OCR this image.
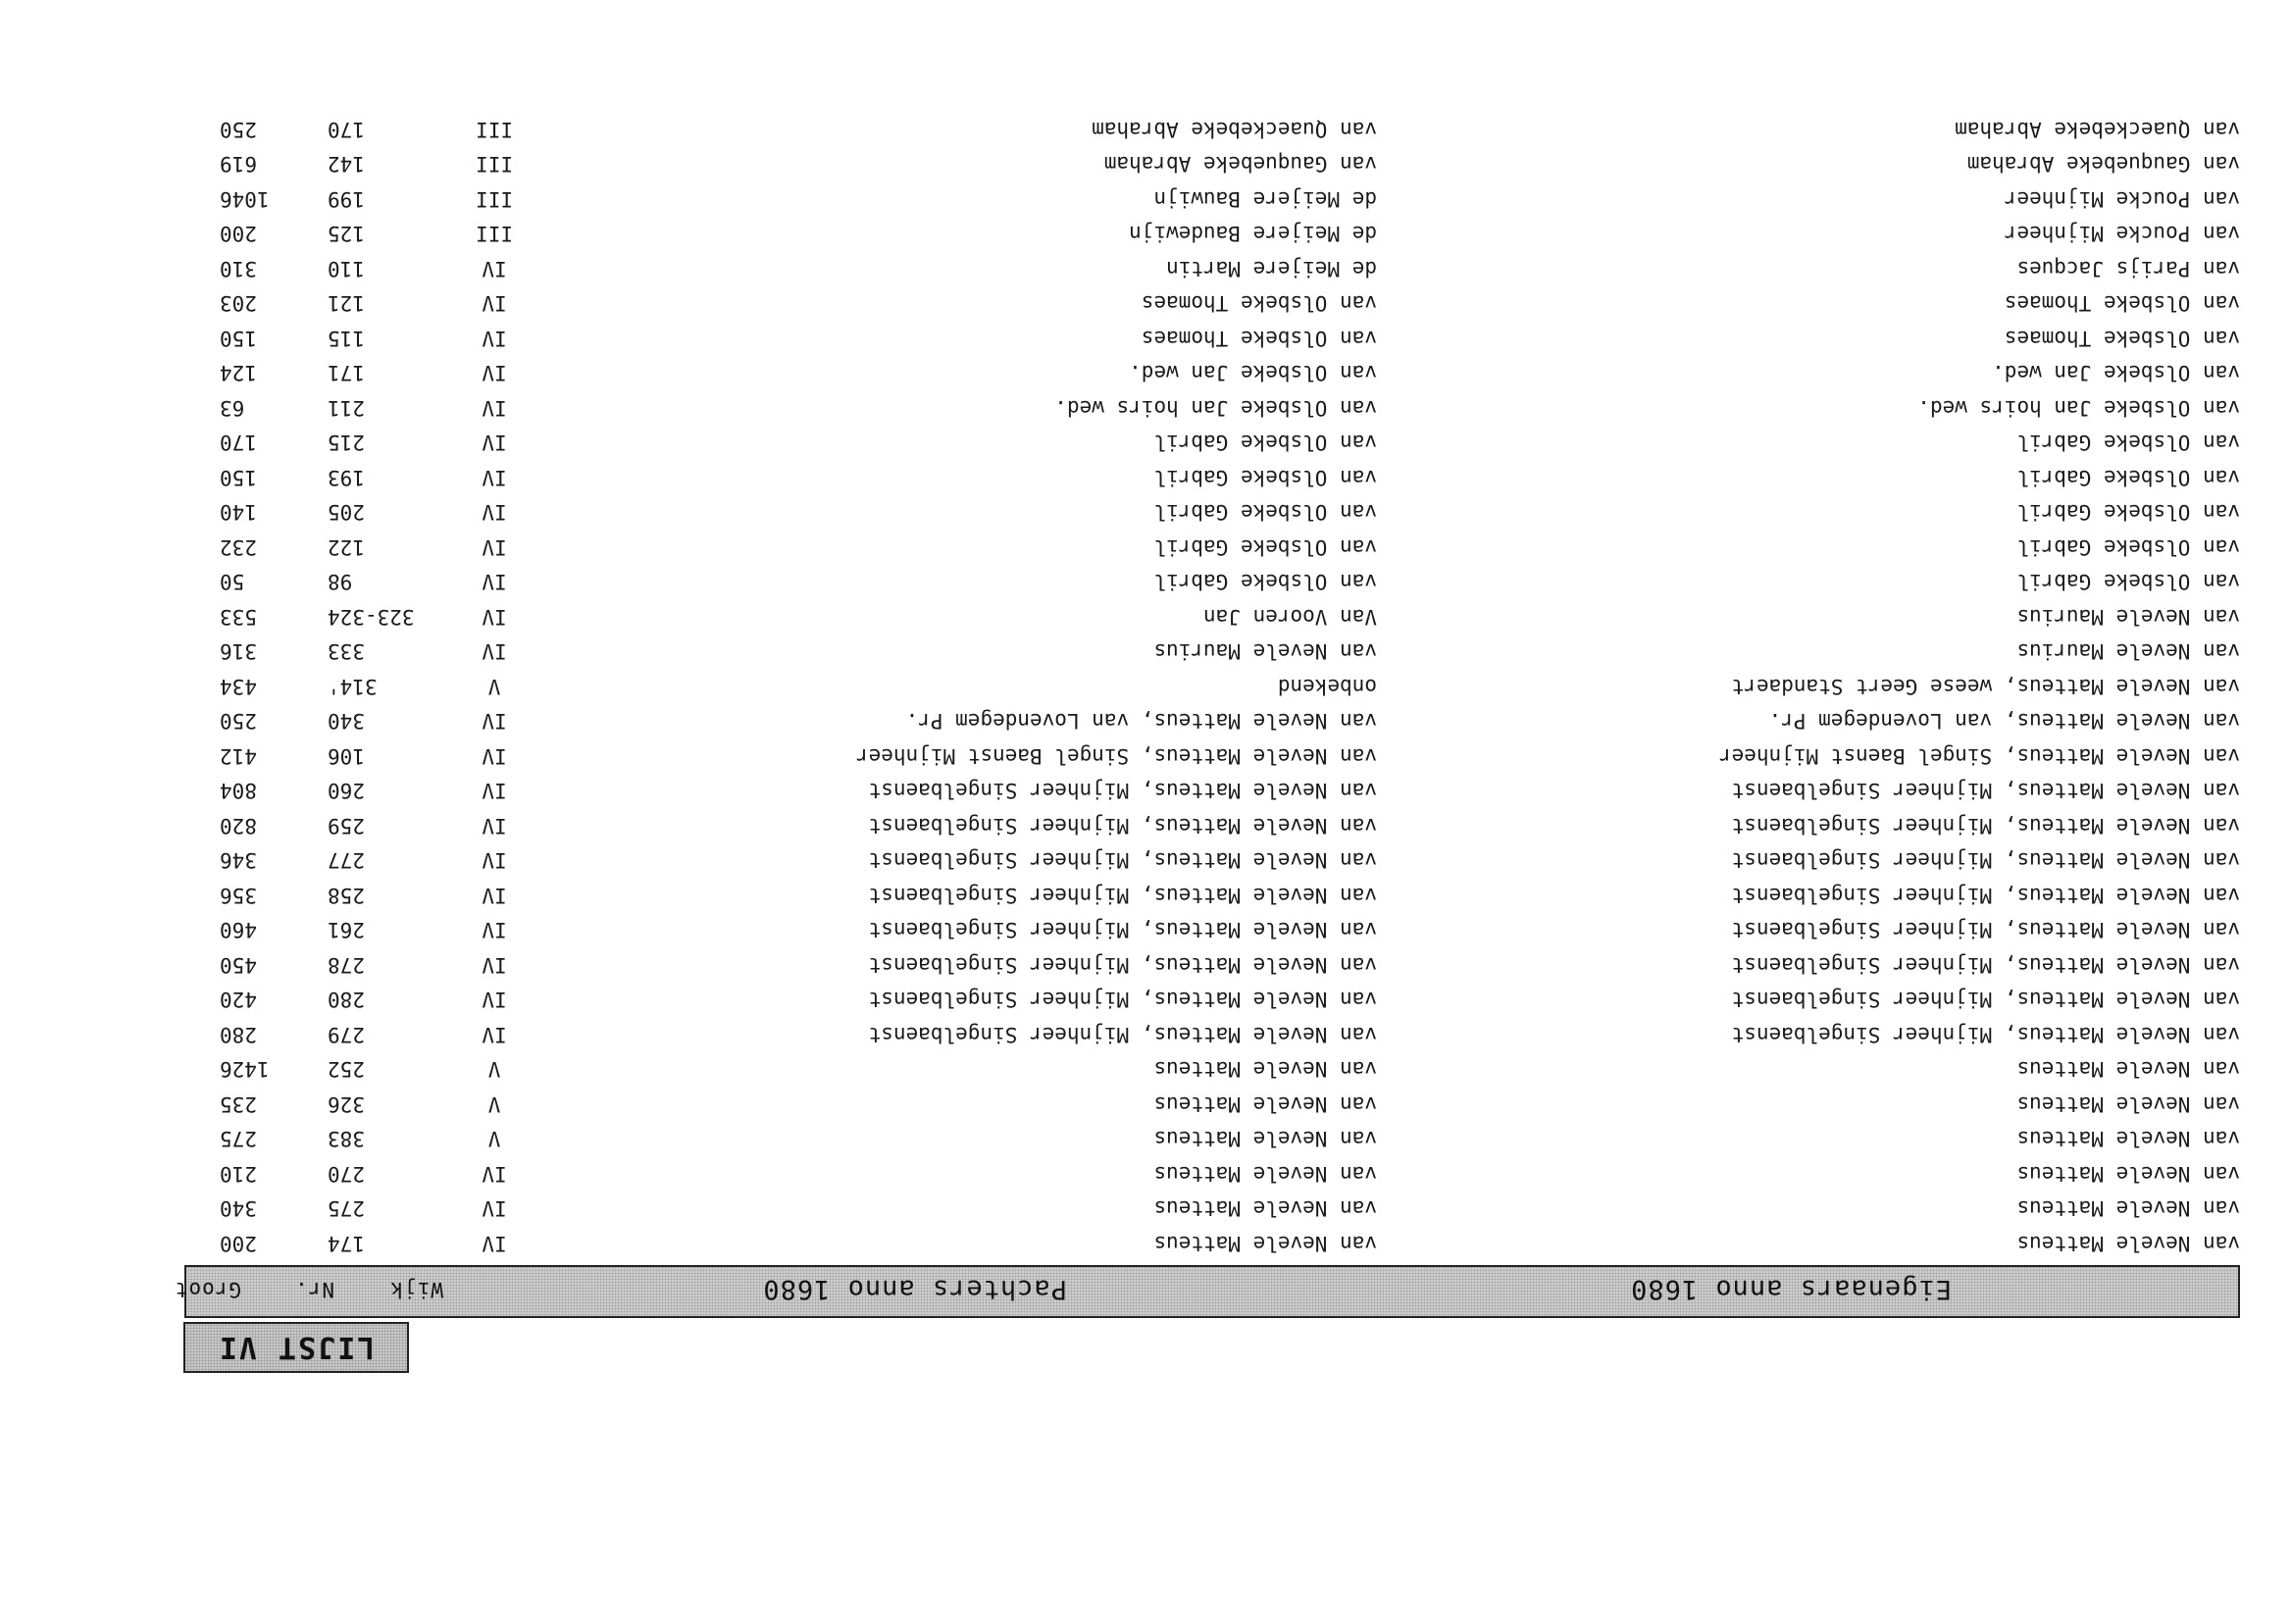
LIJST VI
Eigenaars anno 1680
Pachters anno 1680
Wijk
Nr.
Groot
van Nevele Matteus
van Nevele Matteus
IV
174
200
van Nevele Matteus
van Nevele Matteus
IV
275
340
van Nevele Matteus
van Nevele Matteus
IV
270
210
van Nevele Matteus
van Nevele Matteus
V
383
275
van Nevele Matteus
van Nevele Matteus
V
326
235
van Nevele Matteus
van Nevele Matteus
V
252
1426
van Nevele Matteus, Mijnheer Singelbaenst
van Nevele Matteus, Mijnheer Singelbaenst
IV
279
280
van Nevele Matteus, Mijnheer Singelbaenst
van Nevele Matteus, Mijnheer Singelbaenst
IV
280
420
van Nevele Matteus, Mijnheer Singelbaenst
van Nevele Matteus, Mijnheer Singelbaenst
IV
278
450
van Nevele Matteus, Mijnheer Singelbaenst
van Nevele Matteus, Mijnheer Singelbaenst
IV
261
460
van Nevele Matteus, Mijnheer Singelbaenst
van Nevele Matteus, Mijnheer Singelbaenst
IV
258
356
van Nevele Matteus, Mijnheer Singelbaenst
van Nevele Matteus, Mijnheer Singelbaenst
IV
277
346
van Nevele Matteus, Mijnheer Singelbaenst
van Nevele Matteus, Mijnheer Singelbaenst
IV
259
820
van Nevele Matteus, Mijnheer Singelbaenst
van Nevele Matteus, Mijnheer Singelbaenst
IV
260
804
van Nevele Matteus, Singel Baenst Mijnheer
van Nevele Matteus, Singel Baenst Mijnheer
IV
106
412
van Nevele Matteus, van Lovendegem Pr.
van Nevele Matteus, van Lovendegem Pr.
IV
340
250
van Nevele Matteus, weese Geert Standaert
onbekend
V
314'
434
van Nevele Maurius
van Nevele Maurius
IV
333
316
van Nevele Maurius
Van Vooren Jan
IV
323-324
533
van Olsbeke Gabril
van Olsbeke Gabril
IV
98
50
van Olsbeke Gabril
van Olsbeke Gabril
IV
122
232
van Olsbeke Gabril
van Olsbeke Gabril
IV
205
140
van Olsbeke Gabril
van Olsbeke Gabril
IV
193
150
van Olsbeke Gabril
van Olsbeke Gabril
IV
215
170
van Olsbeke Jan hoirs wed.
van Olsbeke Jan hoirs wed.
IV
211
63
van Olsbeke Jan wed.
van Olsbeke Jan wed.
IV
171
124
van Olsbeke Thomaes
van Olsbeke Thomaes
IV
115
150
van Olsbeke Thomaes
van Olsbeke Thomaes
IV
121
203
van Parijs Jacques
de Meijere Martin
IV
110
310
van Poucke Mijnheer
de Meijere Baudewijn
III
125
200
van Poucke Mijnheer
de Meijere Bauwijn
III
199
1046
van Gauquebeke Abraham
van Gauquebeke Abraham
III
142
619
van Quaeckebeke Abraham
van Quaeckebeke Abraham
III
170
250
